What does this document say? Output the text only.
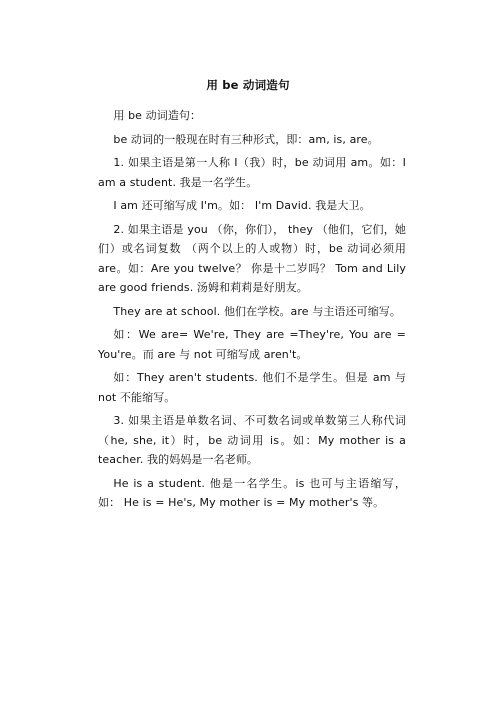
用 be 动词造句

用 be 动词造句：

be 动词的一般现在时有三种形式，即：am, is, are。

1. 如果主语是第一人称 I（我）时，be 动词用 am。如：I am a student. 我是一名学生。

I am 还可缩写成 I'm。如： I'm David. 我是大卫。

2. 如果主语是 you （你，你们）， they （他们，它们，她们）或名词复数 （两个以上的人或物）时，be 动词必须用 are。如：Are you twelve？ 你是十二岁吗？ Tom and Lily are good friends. 汤姆和莉莉是好朋友。

They are at school. 他们在学校。are 与主语还可缩写。

如：We are= We're, They are =They're, You are = You're。而 are 与 not 可缩写成 aren't。

如：They aren't students. 他们不是学生。但是 am 与 not 不能缩写。

3. 如果主语是单数名词、不可数名词或单数第三人称代词（he, she, it）时，be 动词用 is。如：My mother is a teacher. 我的妈妈是一名老师。

He is a student. 他是一名学生。is 也可与主语缩写，如： He is = He's, My mother is = My mother's 等。
